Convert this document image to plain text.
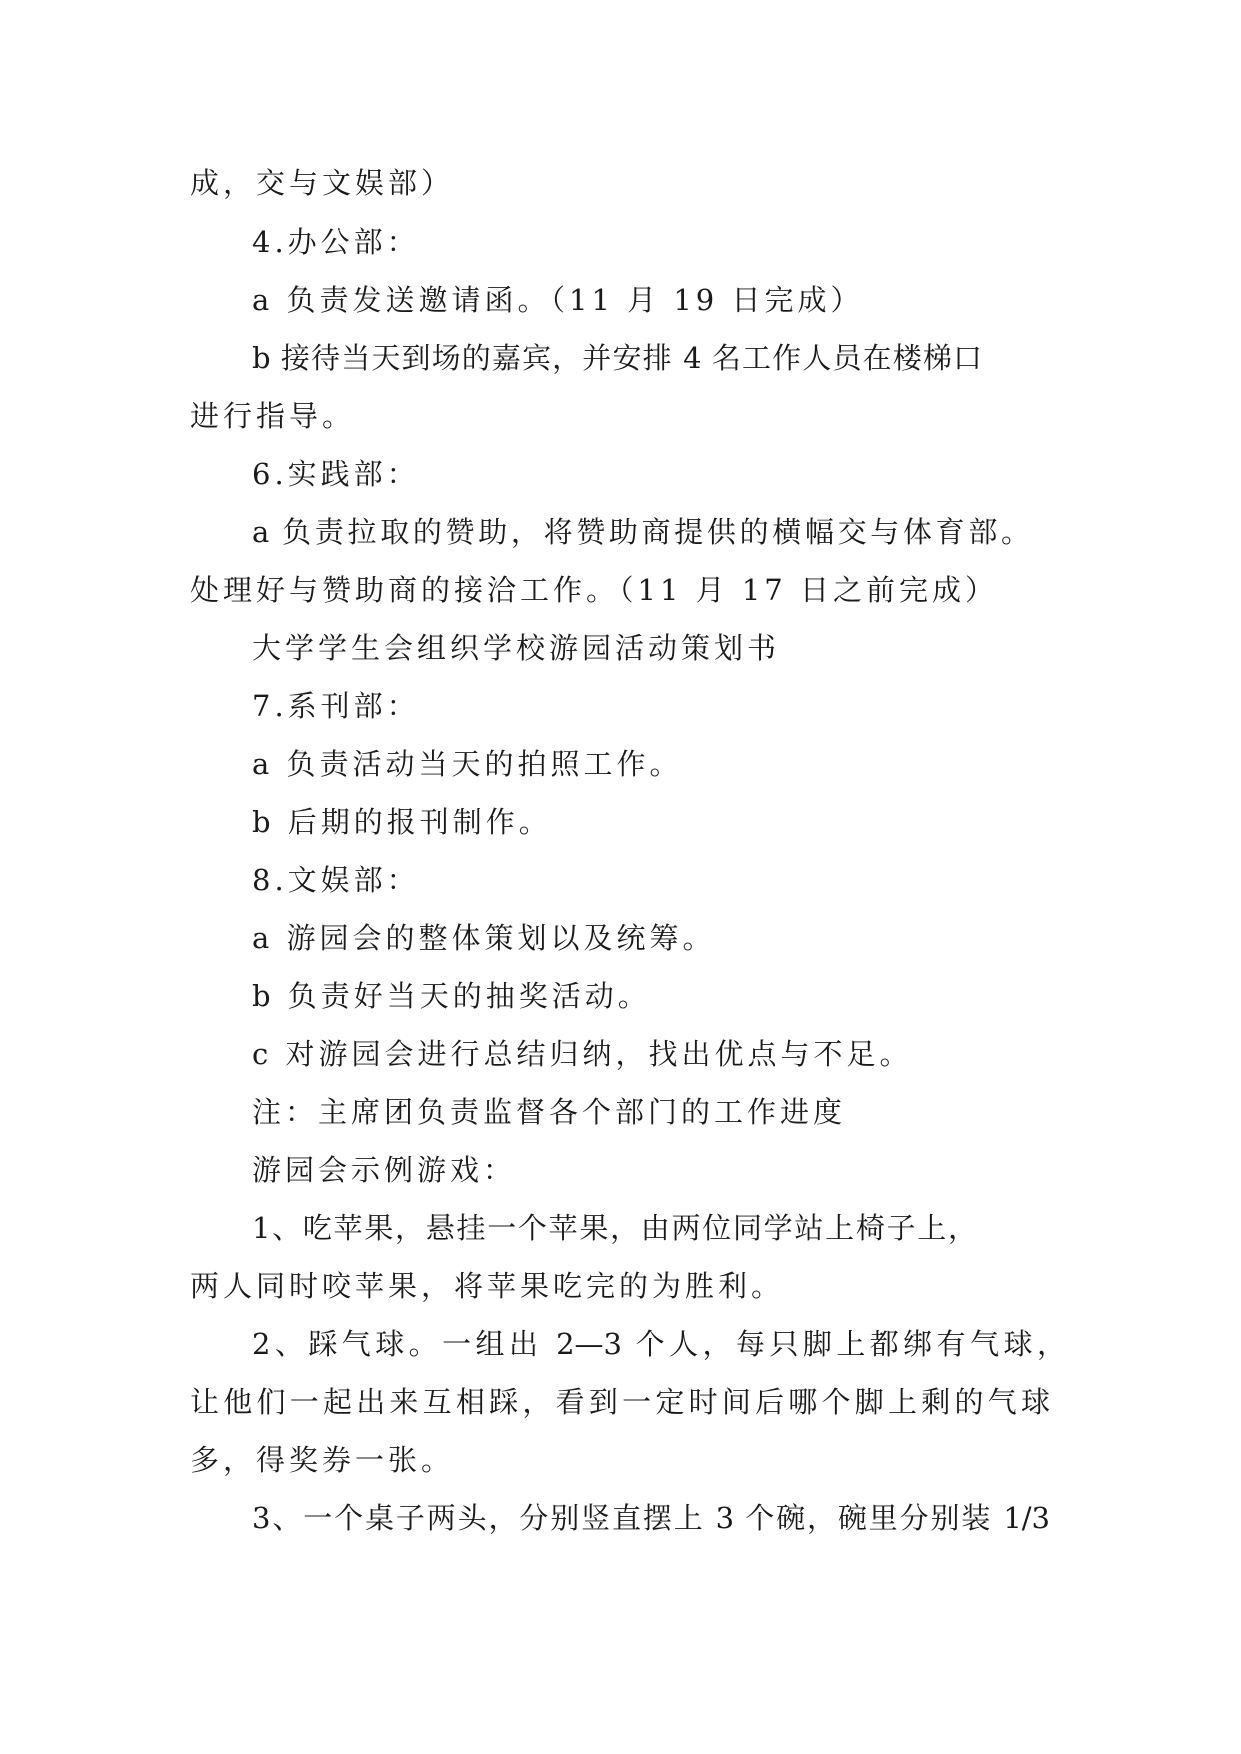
成，交与文娱部）

4.办公部：

a 负责发送邀请函。（11 月 19 日完成）

b 接待当天到场的嘉宾，并安排 4 名工作人员在楼梯口

进行指导。

6.实践部：

a 负责拉取的赞助，将赞助商提供的横幅交与体育部。

处理好与赞助商的接洽工作。（11 月 17 日之前完成）

大学学生会组织学校游园活动策划书

7.系刊部：

a 负责活动当天的拍照工作。

b 后期的报刊制作。

8.文娱部：

a 游园会的整体策划以及统筹。

b 负责好当天的抽奖活动。

c 对游园会进行总结归纳，找出优点与不足。

注：主席团负责监督各个部门的工作进度

游园会示例游戏：

1、吃苹果，悬挂一个苹果，由两位同学站上椅子上，

两人同时咬苹果，将苹果吃完的为胜利。

2、踩气球。一组出 2—3 个人，每只脚上都绑有气球，

让他们一起出来互相踩，看到一定时间后哪个脚上剩的气球

多，得奖券一张。

3、一个桌子两头，分别竖直摆上 3 个碗，碗里分别装 1/3
